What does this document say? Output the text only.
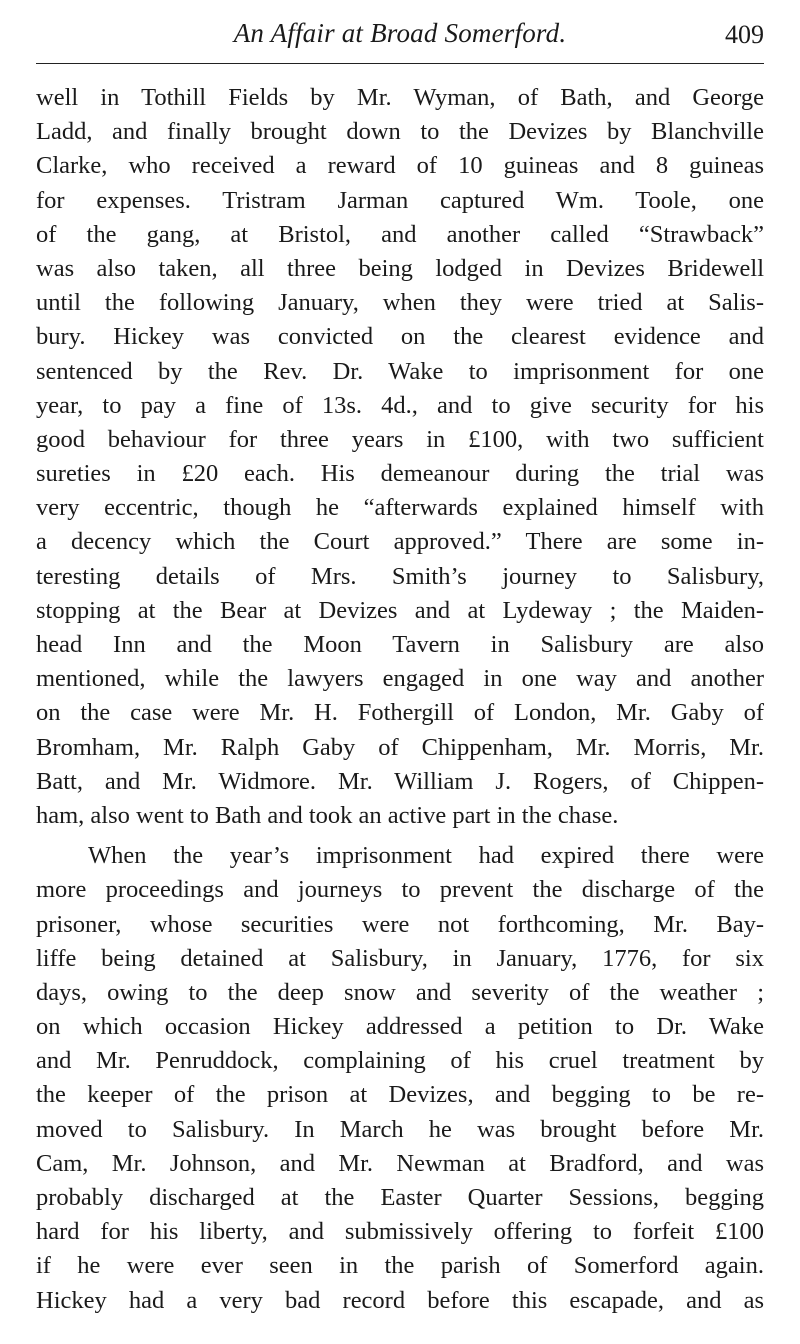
An Affair at Broad Somerford.	409
well in Tothill Fields by Mr. Wyman, of Bath, and George
Ladd, and finally brought down to the Devizes by Blanchville
Clarke, who received a reward of 10 guineas and 8 guineas
for expenses. Tristram Jarman captured Wm. Toole, one
of the gang, at Bristol, and another called “Strawback”
was also taken, all three being lodged in Devizes Bridewell
until the following January, when they were tried at Salis-
bury. Hickey was convicted on the clearest evidence and
sentenced by the Rev. Dr. Wake to imprisonment for one
year, to pay a fine of 13s. 4d., and to give security for his
good behaviour for three years in £100, with two sufficient
sureties in £20 each. His demeanour during the trial was
very eccentric, though he “afterwards explained himself with
a decency which the Court approved.” There are some in-
teresting details of Mrs. Smith’s journey to Salisbury,
stopping at the Bear at Devizes and at Lydeway ; the Maiden-
head Inn and the Moon Tavern in Salisbury are also
mentioned, while the lawyers engaged in one way and another
on the case were Mr. H. Fothergill of London, Mr. Gaby of
Bromham, Mr. Ralph Gaby of Chippenham, Mr. Morris, Mr.
Batt, and Mr. Widmore. Mr. William J. Rogers, of Chippen-
ham, also went to Bath and took an active part in the chase.
When the year’s imprisonment had expired there were
more proceedings and journeys to prevent the discharge of the
prisoner, whose securities were not forthcoming, Mr. Bay-
liffe being detained at Salisbury, in January, 1776, for six
days, owing to the deep snow and severity of the weather ;
on which occasion Hickey addressed a petition to Dr. Wake
and Mr. Penruddock, complaining of his cruel treatment by
the keeper of the prison at Devizes, and begging to be re-
moved to Salisbury. In March he was brought before Mr.
Cam, Mr. Johnson, and Mr. Newman at Bradford, and was
probably discharged at the Easter Quarter Sessions, begging
hard for his liberty, and submissively offering to forfeit £100
if he were ever seen in the parish of Somerford again.
Hickey had a very bad record before this escapade, and as
